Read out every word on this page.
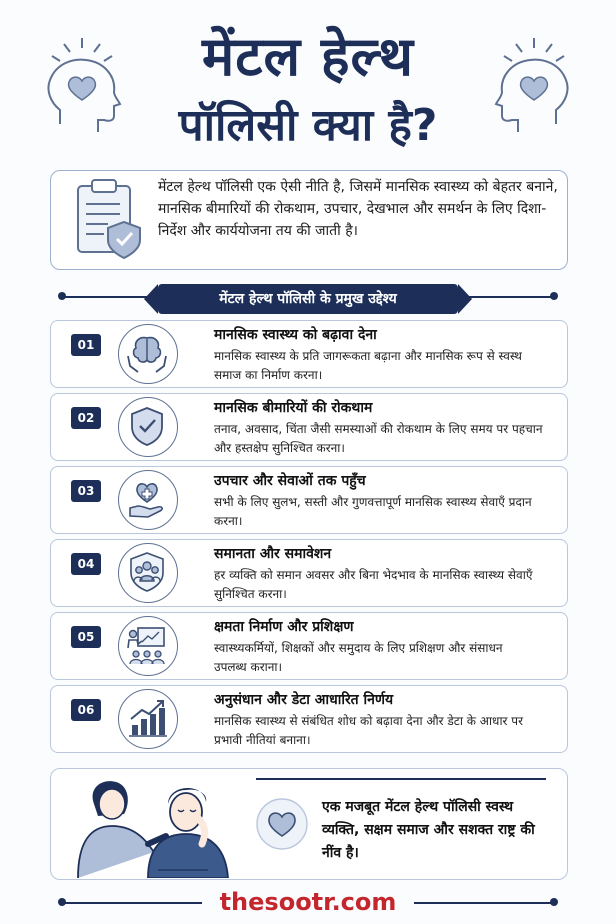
मेंटल हेल्थ
पॉलिसी क्या है?
मेंटल हेल्थ पॉलिसी एक ऐसी नीति है, जिसमें मानसिक स्वास्थ्य को बेहतर बनाने, मानसिक बीमारियों की रोकथाम, उपचार, देखभाल और समर्थन के लिए दिशा-निर्देश और कार्ययोजना तय की जाती है।
मेंटल हेल्थ पॉलिसी के प्रमुख उद्देश्य
01
मानसिक स्वास्थ्य को बढ़ावा देना
मानसिक स्वास्थ्य के प्रति जागरूकता बढ़ाना और मानसिक रूप से स्वस्थ समाज का निर्माण करना।
02
मानसिक बीमारियों की रोकथाम
तनाव, अवसाद, चिंता जैसी समस्याओं की रोकथाम के लिए समय पर पहचान और हस्तक्षेप सुनिश्चित करना।
03
उपचार और सेवाओं तक पहुँच
सभी के लिए सुलभ, सस्ती और गुणवत्तापूर्ण मानसिक स्वास्थ्य सेवाएँ प्रदान करना।
04
समानता और समावेशन
हर व्यक्ति को समान अवसर और बिना भेदभाव के मानसिक स्वास्थ्य सेवाएँ सुनिश्चित करना।
05
क्षमता निर्माण और प्रशिक्षण
स्वास्थ्यकर्मियों, शिक्षकों और समुदाय के लिए प्रशिक्षण और संसाधन उपलब्ध कराना।
06
अनुसंधान और डेटा आधारित निर्णय
मानसिक स्वास्थ्य से संबंधित शोध को बढ़ावा देना और डेटा के आधार पर प्रभावी नीतियां बनाना।
एक मजबूत मेंटल हेल्थ पॉलिसी स्वस्थ व्यक्ति, सक्षम समाज और सशक्त राष्ट्र की नींव है।
thesootr.com
